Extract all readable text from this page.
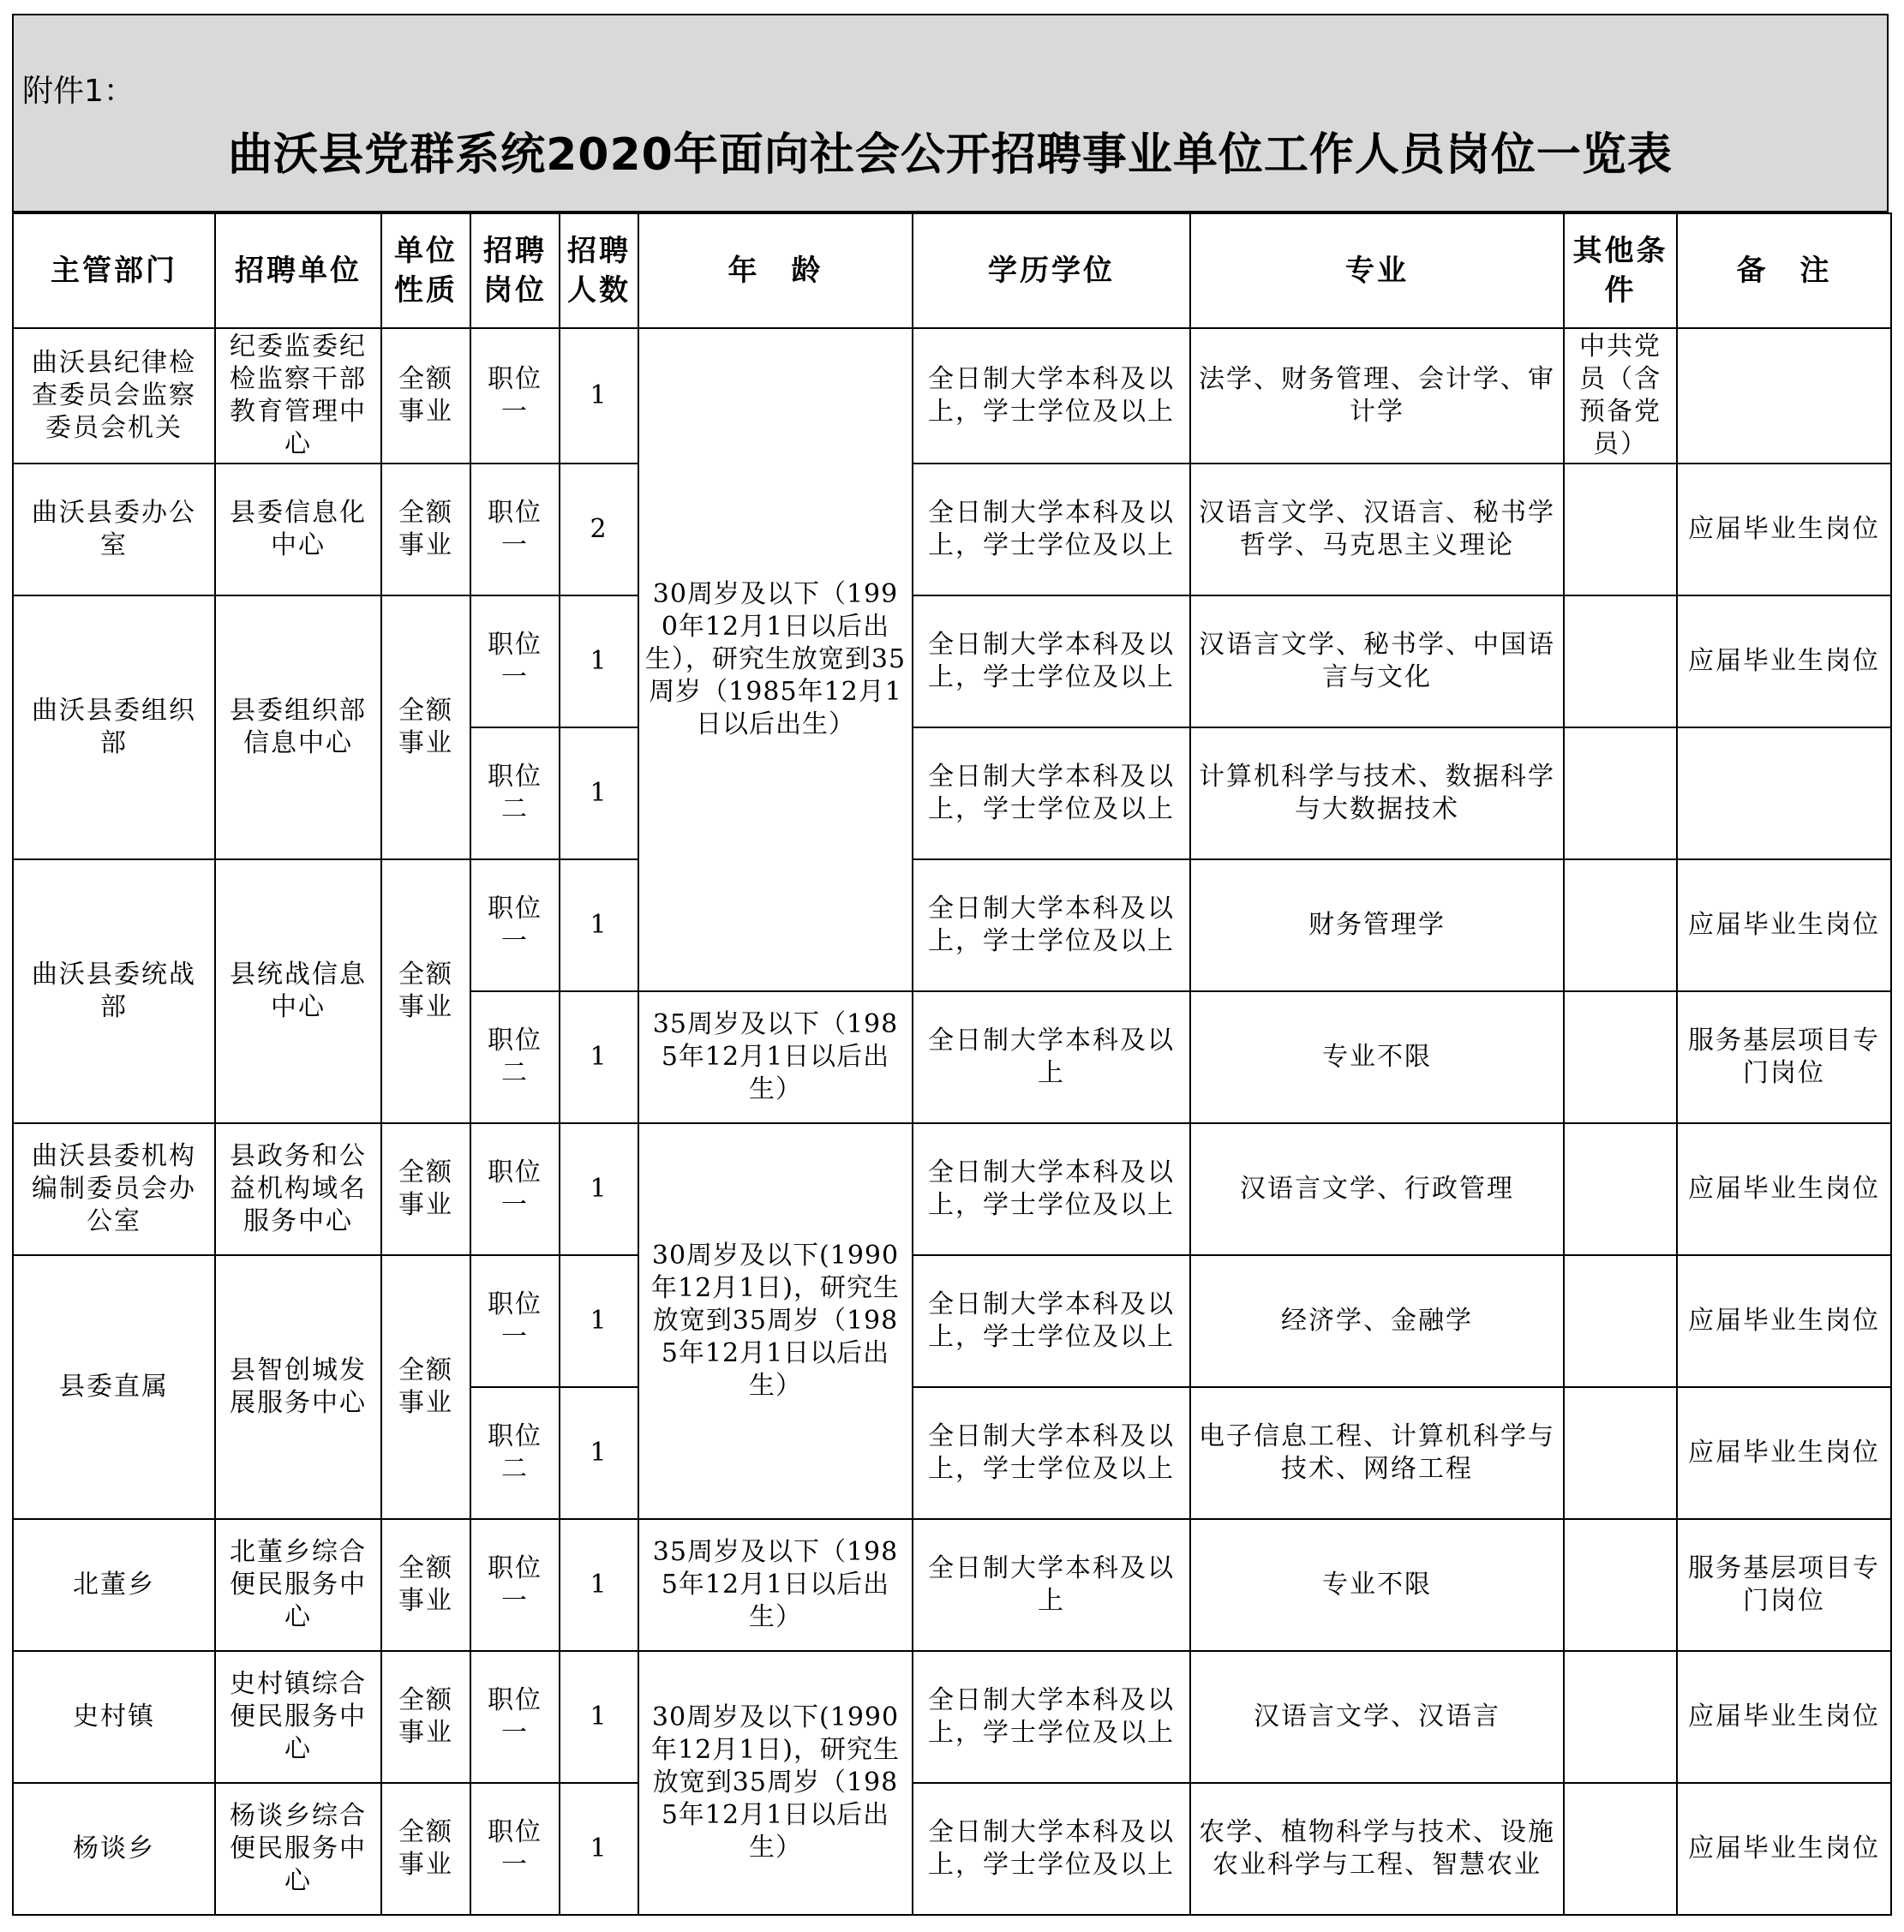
附件1：
曲沃县党群系统2020年面向社会公开招聘事业单位工作人员岗位一览表
主管部门	招聘单位	单位性质	招聘岗位	招聘人数	年　龄	学历学位	专业	其他条件	备　注
曲沃县纪律检查委员会监察委员会机关	纪委监委纪检监察干部教育管理中心	全额事业	职位一	1	30周岁及以下（1990年12月1日以后出生），研究生放宽到35周岁（1985年12月1日以后出生）	全日制大学本科及以上，学士学位及以上	法学、财务管理、会计学、审计学	中共党员（含预备党员）	
曲沃县委办公室	县委信息化中心	全额事业	职位一	2		全日制大学本科及以上，学士学位及以上	汉语言文学、汉语言、秘书学哲学、马克思主义理论		应届毕业生岗位
曲沃县委组织部	县委组织部信息中心	全额事业	职位一	1		全日制大学本科及以上，学士学位及以上	汉语言文学、秘书学、中国语言与文化		应届毕业生岗位
			职位二	1		全日制大学本科及以上，学士学位及以上	计算机科学与技术、数据科学与大数据技术		
曲沃县委统战部	县统战信息中心	全额事业	职位一	1		全日制大学本科及以上，学士学位及以上	财务管理学		应届毕业生岗位
			职位二	1	35周岁及以下（1985年12月1日以后出生）	全日制大学本科及以上	专业不限		服务基层项目专门岗位
曲沃县委机构编制委员会办公室	县政务和公益机构域名服务中心	全额事业	职位一	1	30周岁及以下(1990年12月1日)，研究生放宽到35周岁（1985年12月1日以后出生）	全日制大学本科及以上，学士学位及以上	汉语言文学、行政管理		应届毕业生岗位
县委直属	县智创城发展服务中心	全额事业	职位一	1		全日制大学本科及以上，学士学位及以上	经济学、金融学		应届毕业生岗位
			职位二	1		全日制大学本科及以上，学士学位及以上	电子信息工程、计算机科学与技术、网络工程		应届毕业生岗位
北董乡	北董乡综合便民服务中心	全额事业	职位一	1	35周岁及以下（1985年12月1日以后出生）	全日制大学本科及以上	专业不限		服务基层项目专门岗位
史村镇	史村镇综合便民服务中心	全额事业	职位一	1	30周岁及以下(1990年12月1日)，研究生放宽到35周岁（1985年12月1日以后出生）	全日制大学本科及以上，学士学位及以上	汉语言文学、汉语言		应届毕业生岗位
杨谈乡	杨谈乡综合便民服务中心	全额事业	职位一	1		全日制大学本科及以上，学士学位及以上	农学、植物科学与技术、设施农业科学与工程、智慧农业		应届毕业生岗位
